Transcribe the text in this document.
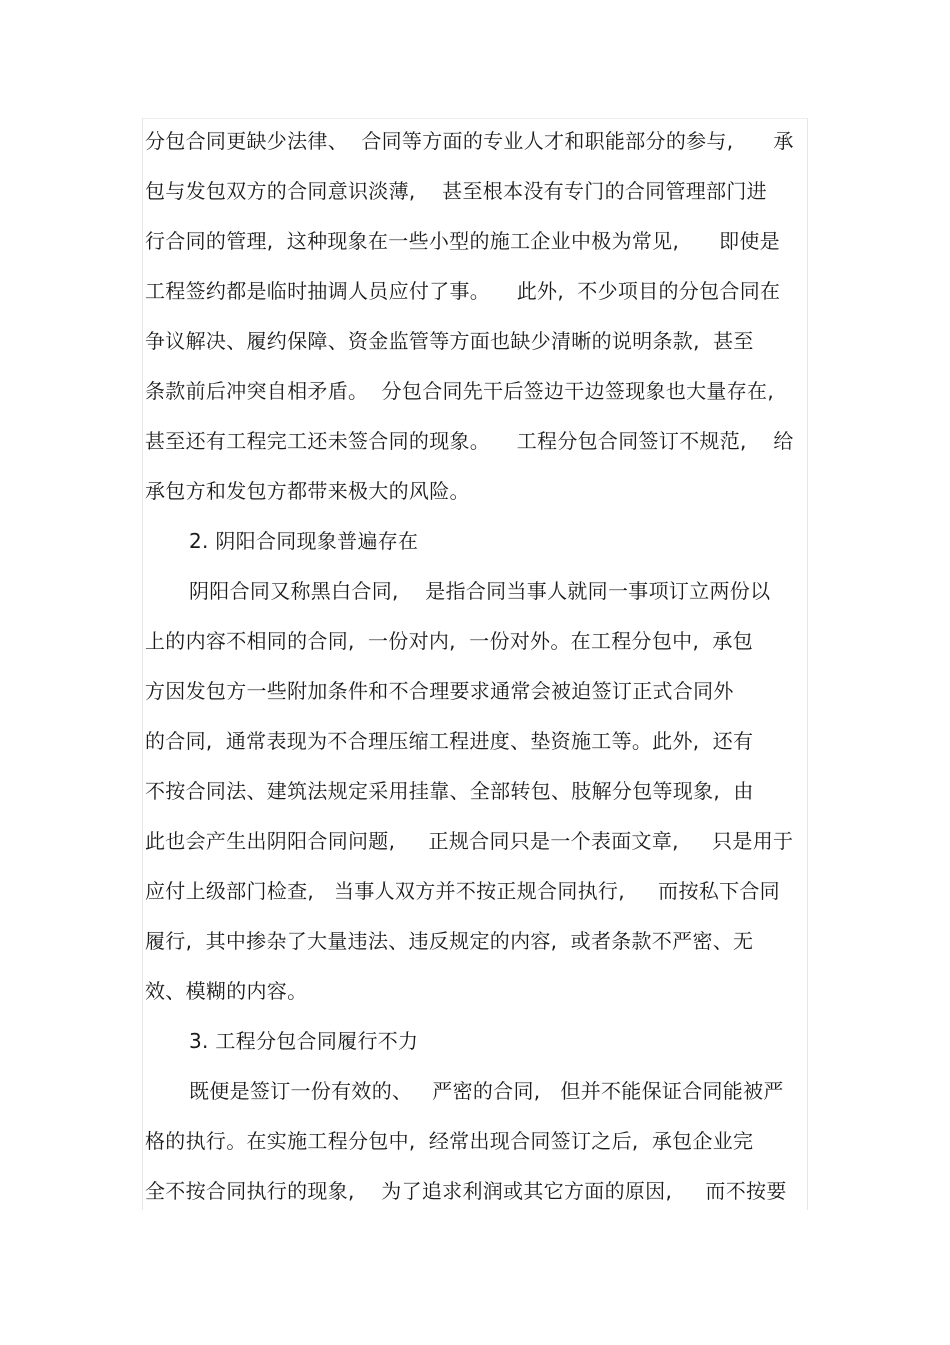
分包合同更缺少法律、  合同等方面的专业人才和职能部分的参与,      承
包与发包双方的合同意识淡薄,    甚至根本没有专门的合同管理部门进
行合同的管理,  这种现象在一些小型的施工企业中极为常见,      即使是
工程签约都是临时抽调人员应付了事。    此外,  不少项目的分包合同在
争议解决、履约保障、资金监管等方面也缺少清晰的说明条款,  甚至
条款前后冲突自相矛盾。  分包合同先干后签边干边签现象也大量存在,
甚至还有工程完工还未签合同的现象。    工程分包合同签订不规范,    给
承包方和发包方都带来极大的风险。
2. 阴阳合同现象普遍存在
阴阳合同又称黑白合同,    是指合同当事人就同一事项订立两份以
上的内容不相同的合同,  一份对内,  一份对外。在工程分包中,  承包
方因发包方一些附加条件和不合理要求通常会被迫签订正式合同外
的合同,  通常表现为不合理压缩工程进度、垫资施工等。此外,  还有
不按合同法、建筑法规定采用挂靠、全部转包、肢解分包等现象,  由
此也会产生出阴阳合同问题,     正规合同只是一个表面文章,     只是用于
应付上级部门检查,   当事人双方并不按正规合同执行,     而按私下合同
履行,  其中掺杂了大量违法、违反规定的内容,  或者条款不严密、无
效、模糊的内容。
3. 工程分包合同履行不力
既便是签订一份有效的、   严密的合同,   但并不能保证合同能被严
格的执行。在实施工程分包中,  经常出现合同签订之后,  承包企业完
全不按合同执行的现象,    为了追求利润或其它方面的原因,     而不按要
